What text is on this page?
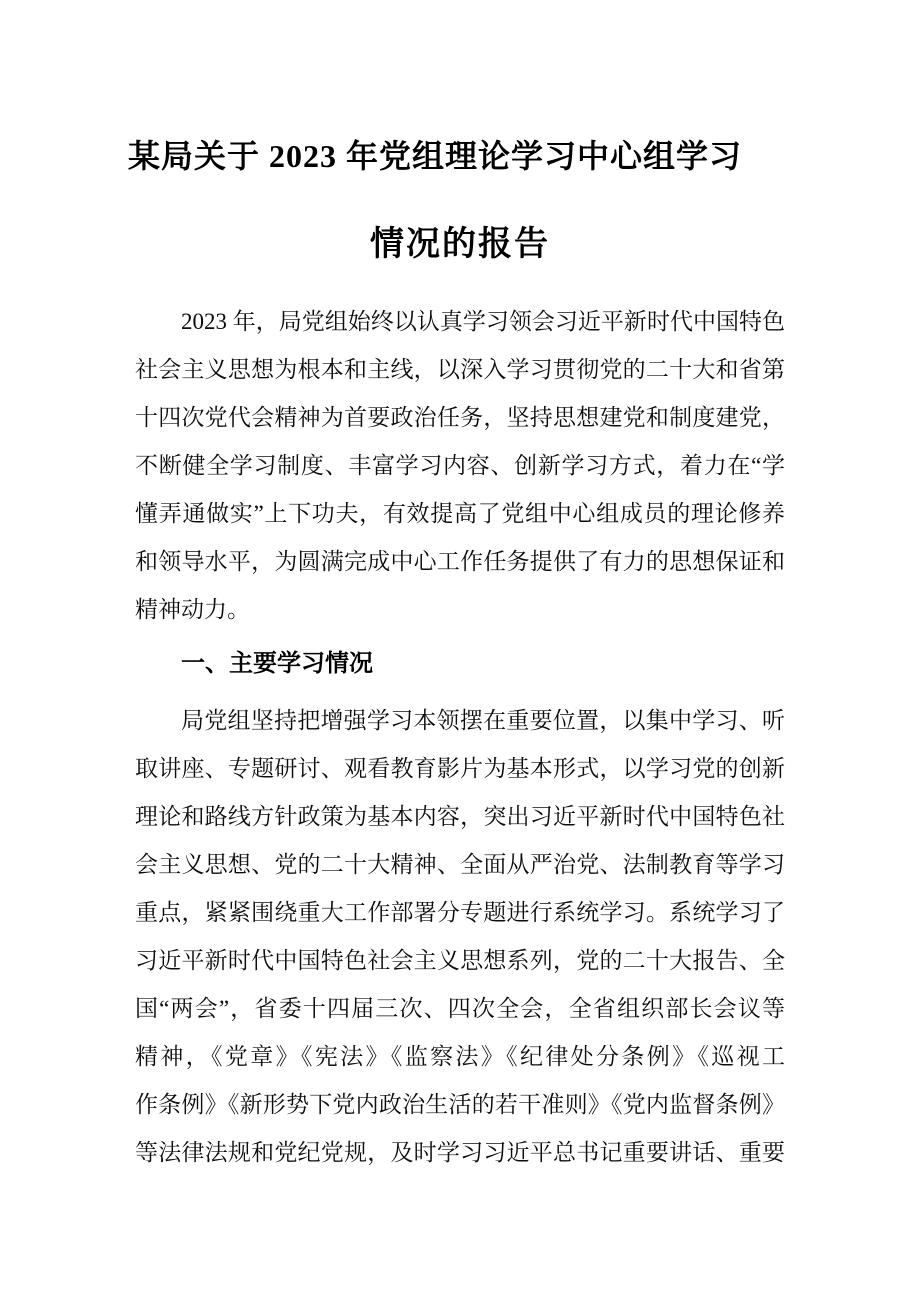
某局关于 2023 年党组理论学习中心组学习
情况的报告
2023 年，局党组始终以认真学习领会习近平新时代中国特色
社会主义思想为根本和主线，以深入学习贯彻党的二十大和省第
十四次党代会精神为首要政治任务，坚持思想建党和制度建党，
不断健全学习制度、丰富学习内容、创新学习方式，着力在“学
懂弄通做实”上下功夫，有效提高了党组中心组成员的理论修养
和领导水平，为圆满完成中心工作任务提供了有力的思想保证和
精神动力。
一、主要学习情况
局党组坚持把增强学习本领摆在重要位置，以集中学习、听
取讲座、专题研讨、观看教育影片为基本形式，以学习党的创新
理论和路线方针政策为基本内容，突出习近平新时代中国特色社
会主义思想、党的二十大精神、全面从严治党、法制教育等学习
重点，紧紧围绕重大工作部署分专题进行系统学习。系统学习了
习近平新时代中国特色社会主义思想系列，党的二十大报告、全
国“两会”，省委十四届三次、四次全会，全省组织部长会议等
精神，《党章》《宪法》《监察法》《纪律处分条例》《巡视工
作条例》《新形势下党内政治生活的若干准则》《党内监督条例》
等法律法规和党纪党规，及时学习习近平总书记重要讲话、重要
